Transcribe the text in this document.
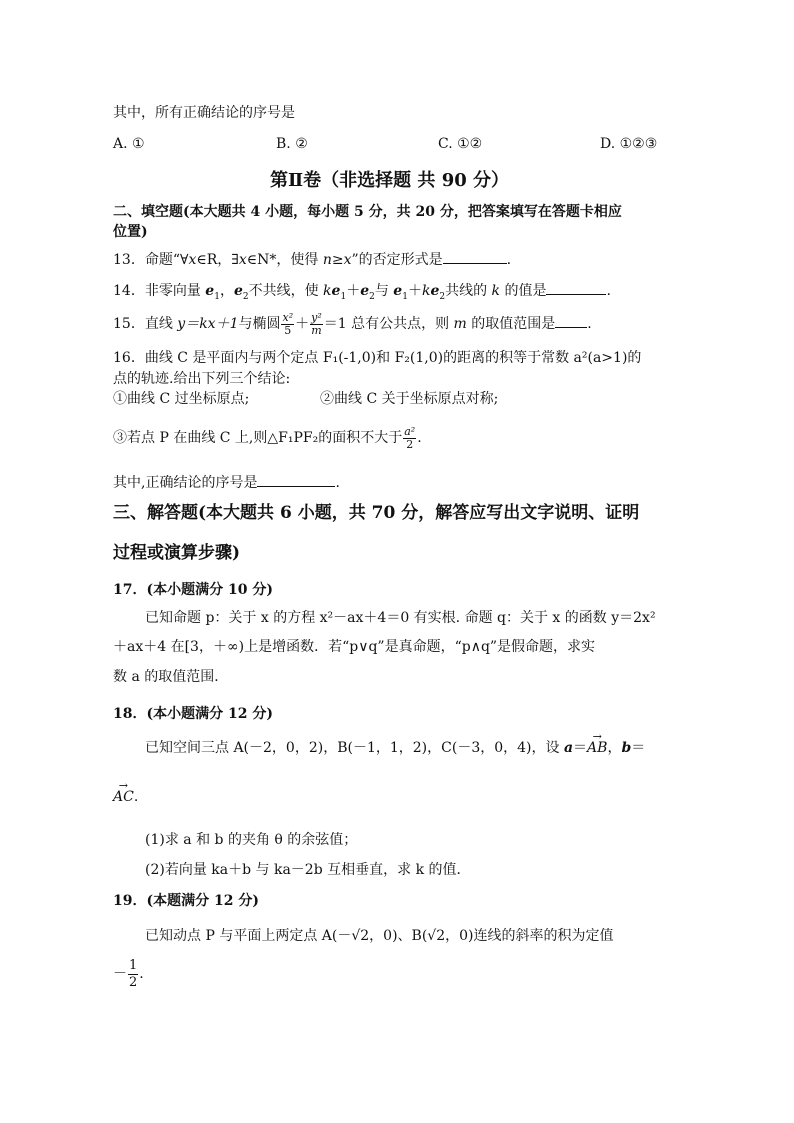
其中，所有正确结论的序号是
A. ①	B. ②	C. ①②	D. ①②③
第Ⅱ卷（非选择题 共 90 分）
二、填空题(本大题共 4 小题，每小题 5 分，共 20 分，把答案填写在答题卡相应
位置)
13．命题“∀x∈R，∃x∈N*，使得 n≥x”的否定形式是	.
14．非零向量 $e_1$，$e_2$不共线，使 $ke_1+e_2$与 $e_1+ke_2$共线的 k 的值是	.
15．直线 y＝kx＋1与椭圆 $\frac{\text{x²}}{5} + \frac{\text{y²}}{m} =1$ 总有公共点，则 m 的取值范围是 .
16．曲线 C 是平面内与两个定点 F₁(-1,0)和 F₂(1,0)的距离的积等于常数 a²(a>1)的
点的轨迹.给出下列三个结论:
①曲线 C 过坐标原点;	②曲线 C 关于坐标原点对称;
③若点 P 在曲线 C 上,则△F₁PF₂的面积不大于 $\frac{\text{a²}}{2}$ .
其中,正确结论的序号是	.
三、解答题(本大题共 6 小题，共 70 分，解答应写出文字说明、证明
过程或演算步骤)
17．(本小题满分 10 分)
已知命题 p：关于 x 的方程 x²－ax＋4＝0 有实根. 命题 q：关于 x 的函数 y＝2x²
＋ax＋4 在[3，＋∞)上是增函数．若“p∨q”是真命题，“p∧q”是假命题，求实
数 a 的取值范围．
18．(本小题满分 12 分)
已知空间三点 A(－2，0，2)，B(－1，1，2)，C(－3，0，4)，设 a＝
→
AB，b＝
→
AC.
(1)求 a 和 b 的夹角 θ 的余弦值；
(2)若向量 ka＋b 与 ka－2b 互相垂直，求 k 的值．
19．(本题满分 12 分)
已知动点 P 与平面上两定点 A(－√2，0)、B(√2，0)连线的斜率的积为定值
－ $\frac{1}{2}$ .
